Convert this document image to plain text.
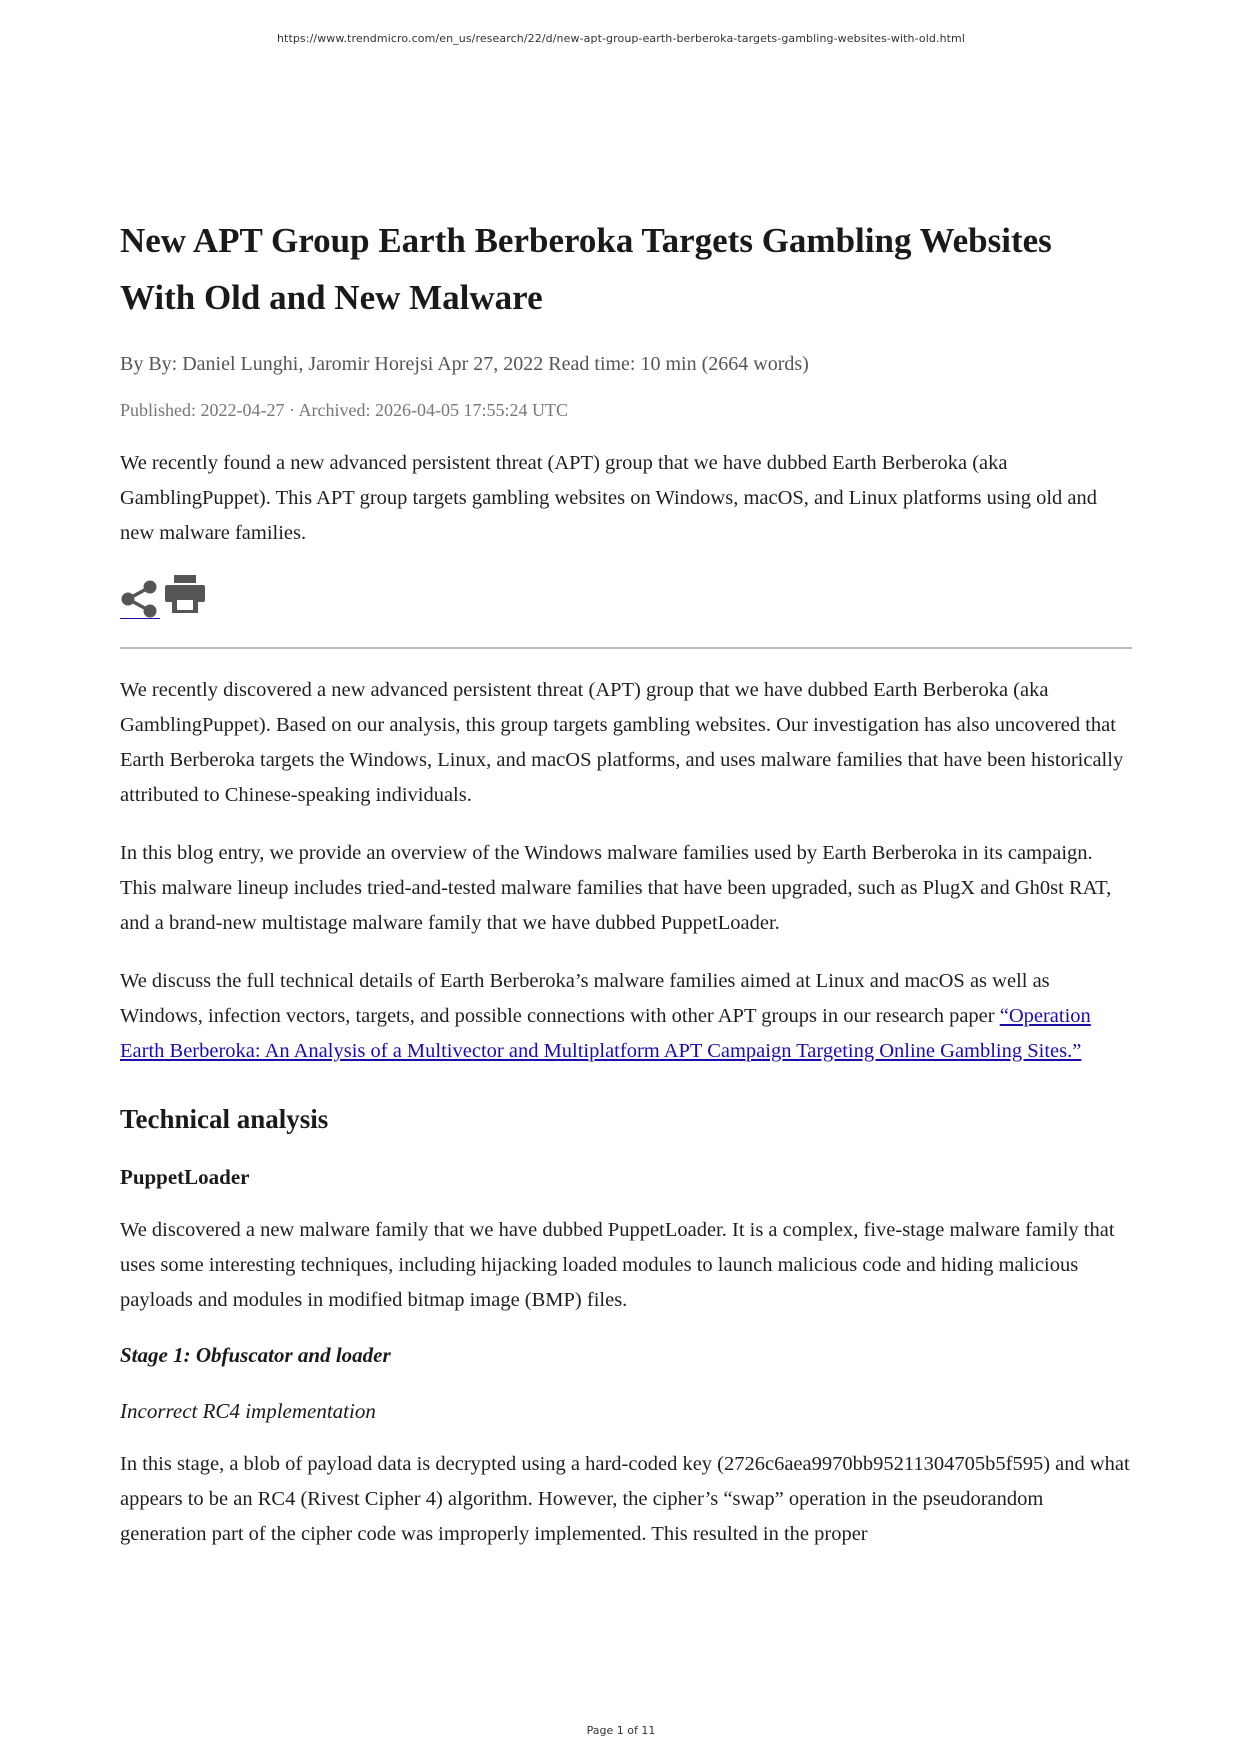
https://www.trendmicro.com/en_us/research/22/d/new-apt-group-earth-berberoka-targets-gambling-websites-with-old.html
New APT Group Earth Berberoka Targets Gambling Websites With Old and New Malware
By By: Daniel Lunghi, Jaromir Horejsi Apr 27, 2022 Read time: 10 min (2664 words)
Published: 2022-04-27 · Archived: 2026-04-05 17:55:24 UTC

We recently found a new advanced persistent threat (APT) group that we have dubbed Earth Berberoka (aka GamblingPuppet). This APT group targets gambling websites on Windows, macOS, and Linux platforms using old and new malware families.

We recently discovered a new advanced persistent threat (APT) group that we have dubbed Earth Berberoka (aka GamblingPuppet). Based on our analysis, this group targets gambling websites. Our investigation has also uncovered that Earth Berberoka targets the Windows, Linux, and macOS platforms, and uses malware families that have been historically attributed to Chinese-speaking individuals.

In this blog entry, we provide an overview of the Windows malware families used by Earth Berberoka in its campaign. This malware lineup includes tried-and-tested malware families that have been upgraded, such as PlugX and Gh0st RAT, and a brand-new multistage malware family that we have dubbed PuppetLoader.

We discuss the full technical details of Earth Berberoka’s malware families aimed at Linux and macOS as well as Windows, infection vectors, targets, and possible connections with other APT groups in our research paper “Operation Earth Berberoka: An Analysis of a Multivector and Multiplatform APT Campaign Targeting Online Gambling Sites.”

Technical analysis
PuppetLoader

We discovered a new malware family that we have dubbed PuppetLoader. It is a complex, five-stage malware family that uses some interesting techniques, including hijacking loaded modules to launch malicious code and hiding malicious payloads and modules in modified bitmap image (BMP) files.

Stage 1: Obfuscator and loader
Incorrect RC4 implementation

In this stage, a blob of payload data is decrypted using a hard-coded key (2726c6aea9970bb95211304705b5f595) and what appears to be an RC4 (Rivest Cipher 4) algorithm. However, the cipher’s “swap” operation in the pseudorandom generation part of the cipher code was improperly implemented. This resulted in the proper

Page 1 of 11
